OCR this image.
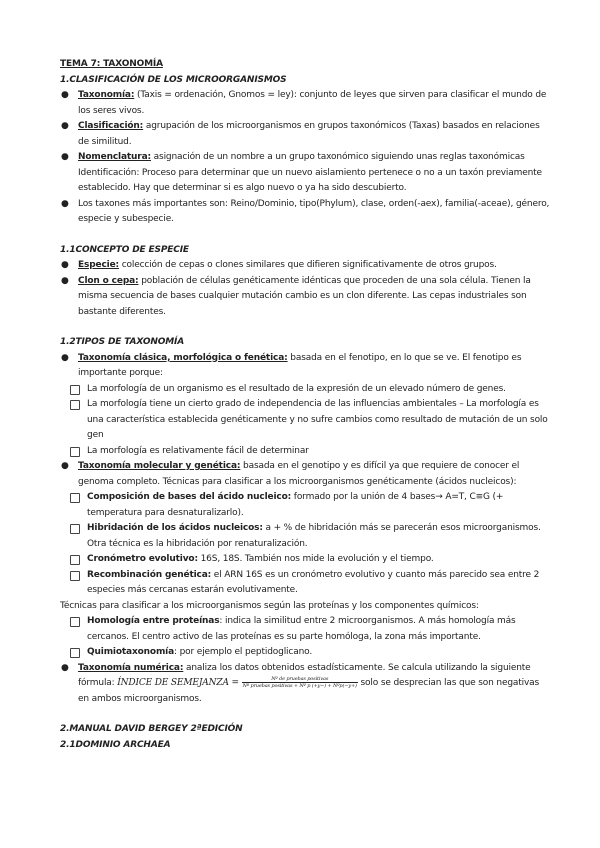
TEMA 7: TAXONOMÍA

1.CLASIFICACIÓN DE LOS MICROORGANISMOS

● Taxonomía: (Taxis = ordenación, Gnomos = ley): conjunto de leyes que sirven para clasificar el mundo de los seres vivos.

● Clasificación: agrupación de los microorganismos en grupos taxonómicos (Taxas) basados en relaciones de similitud.

● Nomenclatura: asignación de un nombre a un grupo taxonómico siguiendo unas reglas taxonómicas
Identificación: Proceso para determinar que un nuevo aislamiento pertenece o no a un taxón previamente establecido. Hay que determinar si es algo nuevo o ya ha sido descubierto.

● Los taxones más importantes son: Reino/Dominio, tipo(Phylum), clase, orden(-aex), familia(-aceae), género, especie y subespecie.

1.1CONCEPTO DE ESPECIE

● Especie: colección de cepas o clones similares que difieren significativamente de otros grupos.

● Clon o cepa: población de células genéticamente idénticas que proceden de una sola célula. Tienen la misma secuencia de bases cualquier mutación cambio es un clon diferente. Las cepas industriales son bastante diferentes.

1.2TIPOS DE TAXONOMÍA

● Taxonomía clásica, morfológica o fenética: basada en el fenotipo, en lo que se ve. El fenotipo es importante porque:

La morfología de un organismo es el resultado de la expresión de un elevado número de genes.

La morfología tiene un cierto grado de independencia de las influencias ambientales – La morfología es una característica establecida genéticamente y no sufre cambios como resultado de mutación de un solo gen

La morfología es relativamente fácil de determinar

● Taxonomía molecular y genética: basada en el genotipo y es difícil ya que requiere de conocer el genoma completo. Técnicas para clasificar a los microorganismos genéticamente (ácidos nucleicos):

Composición de bases del ácido nucleico: formado por la unión de 4 bases→ A=T, C≡G (+ temperatura para desnaturalizarlo).

Hibridación de los ácidos nucleicos: a + % de hibridación más se parecerán esos microorganismos. Otra técnica es la hibridación por renaturalización.

Cronómetro evolutivo: 16S, 18S. También nos mide la evolución y el tiempo.

Recombinación genética: el ARN 16S es un cronómetro evolutivo y cuanto más parecido sea entre 2 especies más cercanas estarán evolutivamente.

Técnicas para clasificar a los microorganismos según las proteínas y los componentes químicos:

Homología entre proteínas: indica la similitud entre 2 microorganismos. A más homología más cercanos. El centro activo de las proteínas es su parte homóloga, la zona más importante.

Quimiotaxonomía: por ejemplo el peptidoglicano.

● Taxonomía numérica: analiza los datos obtenidos estadísticamente. Se calcula utilizando la siguiente
fórmula: ÍNDICE DE SEMEJANZA = $\frac{\text{Nº de pruebas positivas}}{\text{Nº pruebas positivas + Nº p (+y−) + Nºp(−y+)}}$ solo se desprecian las que son negativas en ambos microorganismos.

2.MANUAL DAVID BERGEY 2ªEDICIÓN

2.1DOMINIO ARCHAEA
